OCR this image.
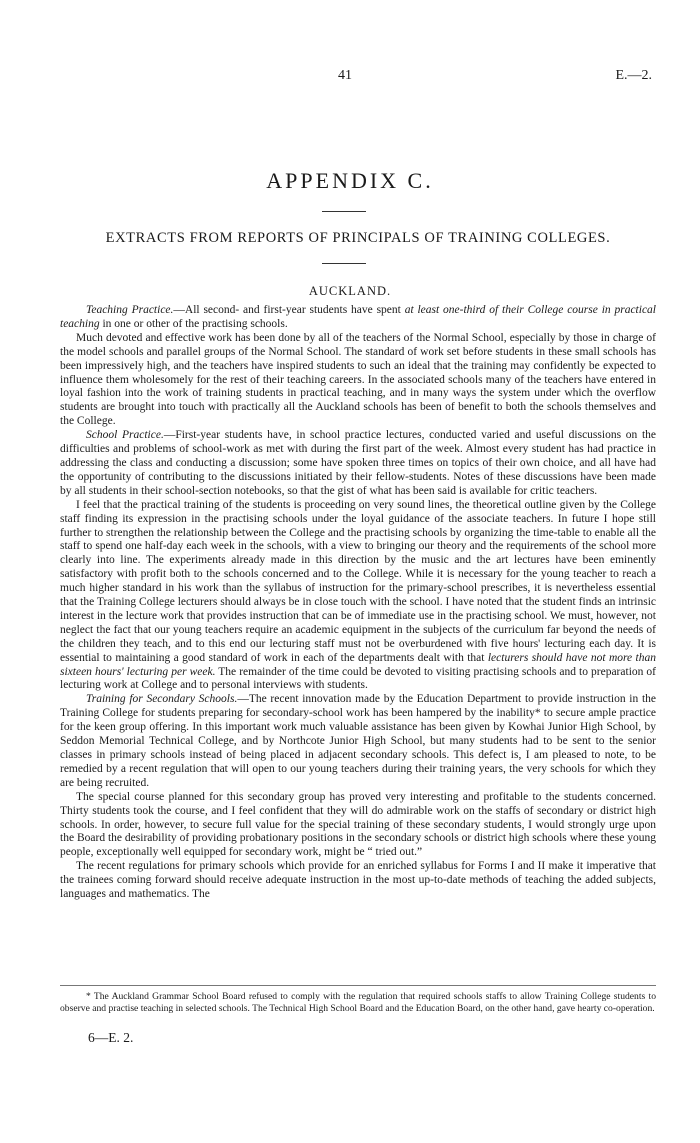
41	E.—2.
APPENDIX C.
EXTRACTS FROM REPORTS OF PRINCIPALS OF TRAINING COLLEGES.
AUCKLAND.

Teaching Practice.—All second- and first-year students have spent at least one-third of their College course in practical teaching in one or other of the practising schools.

Much devoted and effective work has been done by all of the teachers of the Normal School, especially by those in charge of the model schools and parallel groups of the Normal School. The standard of work set before students in these small schools has been impressively high, and the teachers have inspired students to such an ideal that the training may confidently be expected to influence them wholesomely for the rest of their teaching careers. In the associated schools many of the teachers have entered in loyal fashion into the work of training students in practical teaching, and in many ways the system under which the overflow students are brought into touch with practically all the Auckland schools has been of benefit to both the schools themselves and the College.

School Practice.—First-year students have, in school practice lectures, conducted varied and useful discussions on the difficulties and problems of school-work as met with during the first part of the week. Almost every student has had practice in addressing the class and conducting a discussion; some have spoken three times on topics of their own choice, and all have had the opportunity of contributing to the discussions initiated by their fellow-students. Notes of these discussions have been made by all students in their school-section notebooks, so that the gist of what has been said is available for critic teachers.

I feel that the practical training of the students is proceeding on very sound lines, the theoretical outline given by the College staff finding its expression in the practising schools under the loyal guidance of the associate teachers. In future I hope still further to strengthen the relationship between the College and the practising schools by organizing the time-table to enable all the staff to spend one half-day each week in the schools, with a view to bringing our theory and the requirements of the school more clearly into line. The experiments already made in this direction by the music and the art lectures have been eminently satisfactory with profit both to the schools concerned and to the College. While it is necessary for the young teacher to reach a much higher standard in his work than the syllabus of instruction for the primary-school prescribes, it is nevertheless essential that the Training College lecturers should always be in close touch with the school. I have noted that the student finds an intrinsic interest in the lecture work that provides instruction that can be of immediate use in the practising school. We must, however, not neglect the fact that our young teachers require an academic equipment in the subjects of the curriculum far beyond the needs of the children they teach, and to this end our lecturing staff must not be overburdened with five hours' lecturing each day. It is essential to maintaining a good standard of work in each of the departments dealt with that lecturers should have not more than sixteen hours' lecturing per week. The remainder of the time could be devoted to visiting practising schools and to preparation of lecturing work at College and to personal interviews with students.

Training for Secondary Schools.—The recent innovation made by the Education Department to provide instruction in the Training College for students preparing for secondary-school work has been hampered by the inability* to secure ample practice for the keen group offering. In this important work much valuable assistance has been given by Kowhai Junior High School, by Seddon Memorial Technical College, and by Northcote Junior High School, but many students had to be sent to the senior classes in primary schools instead of being placed in adjacent secondary schools. This defect is, I am pleased to note, to be remedied by a recent regulation that will open to our young teachers during their training years, the very schools for which they are being recruited.

The special course planned for this secondary group has proved very interesting and profitable to the students concerned. Thirty students took the course, and I feel confident that they will do admirable work on the staffs of secondary or district high schools. In order, however, to secure full value for the special training of these secondary students, I would strongly urge upon the Board the desirability of providing probationary positions in the secondary schools or district high schools where these young people, exceptionally well equipped for secondary work, might be “ tried out.”

The recent regulations for primary schools which provide for an enriched syllabus for Forms I and II make it imperative that the trainees coming forward should receive adequate instruction in the most up-to-date methods of teaching the added subjects, languages and mathematics. The

* The Auckland Grammar School Board refused to comply with the regulation that required schools staffs to allow Training College students to observe and practise teaching in selected schools. The Technical High School Board and the Education Board, on the other hand, gave hearty co-operation.
6—E. 2.
